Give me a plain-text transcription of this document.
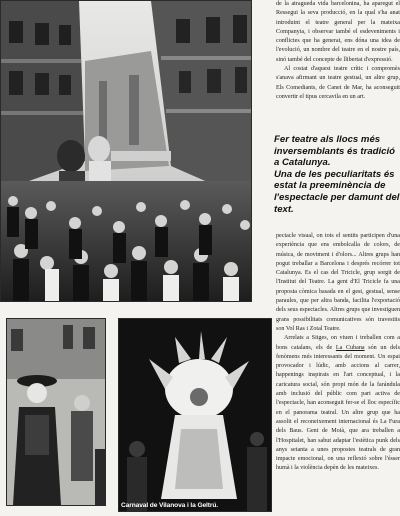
de la atragueda vida barcelonina, ha aparegut el Ressegui la seva producció, en la qual s'ha anat introduint el teatre general per la mateixa Companyia, i observar també el esdeveniments i conflictes que ha generat, ens dóna una idea de l'evolució, un nombre del teatre en el nostre país, sinó també del concepte de llibertat d'expressió.

Al costat d'aquest teatre crític i compromès s'anava afirmant un teatre gestual, un altre grup, Els Comediants, de Canet de Mar, ha aconseguit convertir el tipus cercavila en un art.

Fer teatre als llocs més inversemblants és tradició a Catalunya.

Una de les peculiaritats és estat la preeminència de l'espectacle per damunt del text.

pectacle visual, on tots el sentits participen d'una experiència que ens embolcalla de colors, de música, de moviment i d'olors... Altres grups han pogut treballar a Barcelona i després recórrer tot Catalunya. Es el cas del Tricicle, grup sorgit de l'Institut del Teatre. La gent d'El Tricicle fa una proposta còmica basada en el gest, gestual, sense paraules, que per altra banda, facilita l'exportació dels seus espectacles. Altres grups que investiguen grans possibilitats comunicatives són travestits son Vol Ras i Zotal Teatre.

Arrelats a Sitges, on viuen i treballen com a bons catalans, els de La Cubana són un dels fenòmens més interessants del moment. Un espai provocador i lúdic, amb accions al carrer, happenings inspirats en l'art conceptual, i la caricatura social, són propi món de la farándula amb inclusió del públic com part activa de l'espectacle, han aconseguit fer-se el lloc específic en el panorama teatral. Un altre grup que ha assolit el reconeixement internacional és La Fura dels Baus. Gent de Moià, que ara treballen a l'Hospitalet, han sabut adaptar l'estètica punk dels anys setanta a unes propostes teatrals de gran impacte emocional, on una reflexió sobre l'ésser humà i la violència depèn de les mateixes.

Carnaval de Vilanova i la Geltrú.
